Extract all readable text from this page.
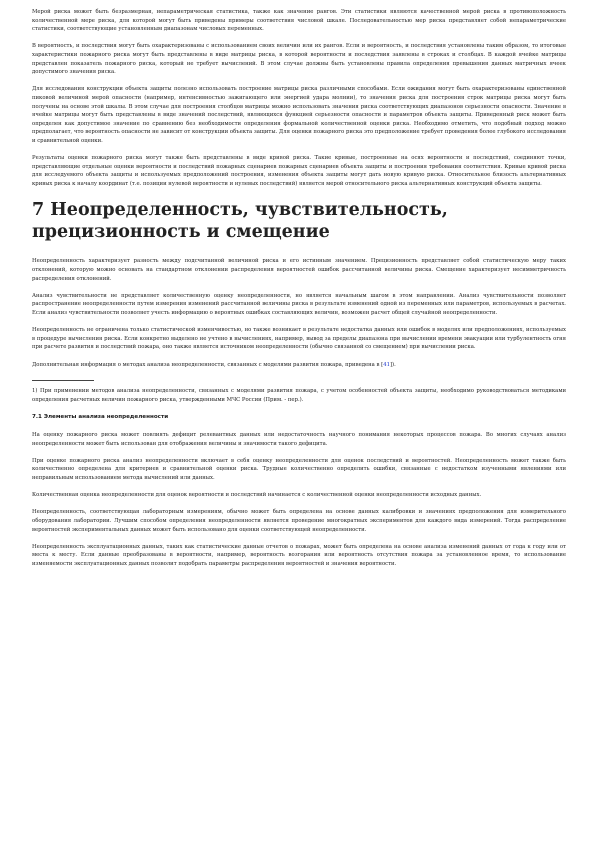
Мерой риска может быть безразмерная, непараметрическая статистика, также как значение рангов. Эти статистики являются качественной мерой риска в противоположность количественной мере риска, для которой могут быть приведены примеры соответствия числовой шкале. Последовательностью мер риска представляет собой непараметрические статистики, соответствующие установленным диапазонам числовых переменных.

В вероятность, и последствия могут быть охарактеризованы с использованием своих величин или их рангов. Если и вероятность, и последствия установлены таким образом, то итоговые характеристики пожарного риска могут быть представлены в виде матрицы риска, в которой вероятности и последствия заявлены в строках и столбцах. В каждой ячейке матрицы представлен показатель пожарного риска, который не требует вычислений. В этом случае должны быть установлены правила определения превышения данных матричных ячеек допустимого значения риска.

Для исследования конструкции объекта защиты полезно использовать построение матрицы риска различными способами. Если ожидания могут быть охарактеризованы единственной пиковой величиной мерой опасности (например, интенсивностью зажигающего или энергией удара молнии), то значения риска для построения строк матрицы риска могут быть получены на основе этой шкалы. В этом случае для построения столбцов матрицы можно использовать значения риска соответствующих диапазонов серьезности опасности. Значение в ячейке матрицы могут быть представлены в виде значений последствий, являющихся функцией серьезности опасности и параметров объекта защиты. Приведенный риск может быть определен как допустимое значение по сравнению без необходимости определения формальной количественной оценки риска. Необходимо отметить, что подобный подход можно предполагает, что вероятность опасности не зависит от конструкции объекта защиты. Для оценки пожарного риска это предположение требует проведения более глубокого исследования и сравнительной оценки.

Результаты оценки пожарного риска могут также быть представлены в виде кривой риска. Такие кривые, построенные на осях вероятности и последствий, соединяют точки, представляющие отдельные оценки вероятности и последствий пожарных сценариев пожарных сценариев объекта защиты и построения требования соответствия. Кривые кривой риска для исследуемого объекта защиты и используемых предположений построения, изменения объекта защиты могут дать новую кривую риска. Относительное близость альтернативных кривых риска к началу координат (т.е. позиции нулевой вероятности и нулевых последствий) является мерой относительного риска альтернативных конструкций объекта защиты.

7 Неопределенность, чувствительность, прецизионность и смещение

Неопределенность характеризует разность между подсчитанной величиной риска и его истинным значением. Прецизионность представляет собой статистическую меру таких отклонений, которую можно основать на стандартном отклонении распределения вероятностей ошибок рассчитанной величины риска. Смещение характеризует несимметричность распределения отклонений.

Анализ чувствительности не представляет количественную оценку неопределенности, но является начальным шагом в этом направлении. Анализ чувствительности позволяет распространение неопределенности путем измерения изменений рассчитанной величины риска в результате изменений одной из переменных или параметров, используемых в расчетах. Если анализ чувствительности позволяет учесть информацию о вероятных ошибках составляющих величин, возможен расчет общей случайной неопределенности.

Неопределенность не ограничена только статистической изменчивостью, но также возникает в результате недостатка данных или ошибок в моделях или предположениях, используемых в процедуре вычисления риска. Если конкретно выделено не учтено в вычислениях, например, вывод за пределы диапазона при вычислении времени эвакуации или турбулентность огня при расчете развития и последствий пожара, оно также является источником неопределенности (обычно связанной со смещением) при вычислении риска.

Дополнительная информация о методах анализа неопределенности, связанных с моделями развития пожара, приведена в [41]).

1) При применении методов анализа неопределенности, связанных с моделями развития пожара, с учетом особенностей объекта защиты, необходимо руководствоваться методиками определения расчетных величин пожарного риска, утвержденными МЧС России (Прим. - пер.).

7.1 Элементы анализа неопределенности

На оценку пожарного риска может повлиять дефицит релевантных данных или недостаточность научного понимания некоторых процессов пожара. Во многих случаях анализ неопределенности может быть использован для отображения величины и значимости такого дефицита.

При оценке пожарного риска анализ неопределенности включает в себя оценку неопределенности для оценок последствий и вероятностей. Неопределенность может также быть количественно определена для критериев и сравнительной оценки риска. Трудные количественно определить ошибки, связанные с недостатком изученными явлениями или неправильным использованием метода вычислений или данных.

Количественная оценка неопределенности для оценок вероятности и последствий начинается с количественной оценки неопределенности исходных данных.

Неопределенность, соответствующая лабораторным измерениям, обычно может быть определена на основе данных калибровки и значениях предположения для измерительного оборудования лаборатории. Лучшим способом определения неопределенности является проведение многократных экспериментов для каждого вида измерений. Тогда распределение вероятностей экспериментальных данных может быть использовано для оценки соответствующей неопределенности.

Неопределенность эксплуатационных данных, таких как статистические данные отчетов о пожарах, может быть определена на основе анализа изменений данных от года к году или от места к месту. Если данные преобразованы в вероятности, например, вероятность возгорания или вероятность отсутствия пожара за установленное время, то использование изменяемости эксплуатационных данных позволит подобрать параметры распределения вероятностей и значения вероятности.
